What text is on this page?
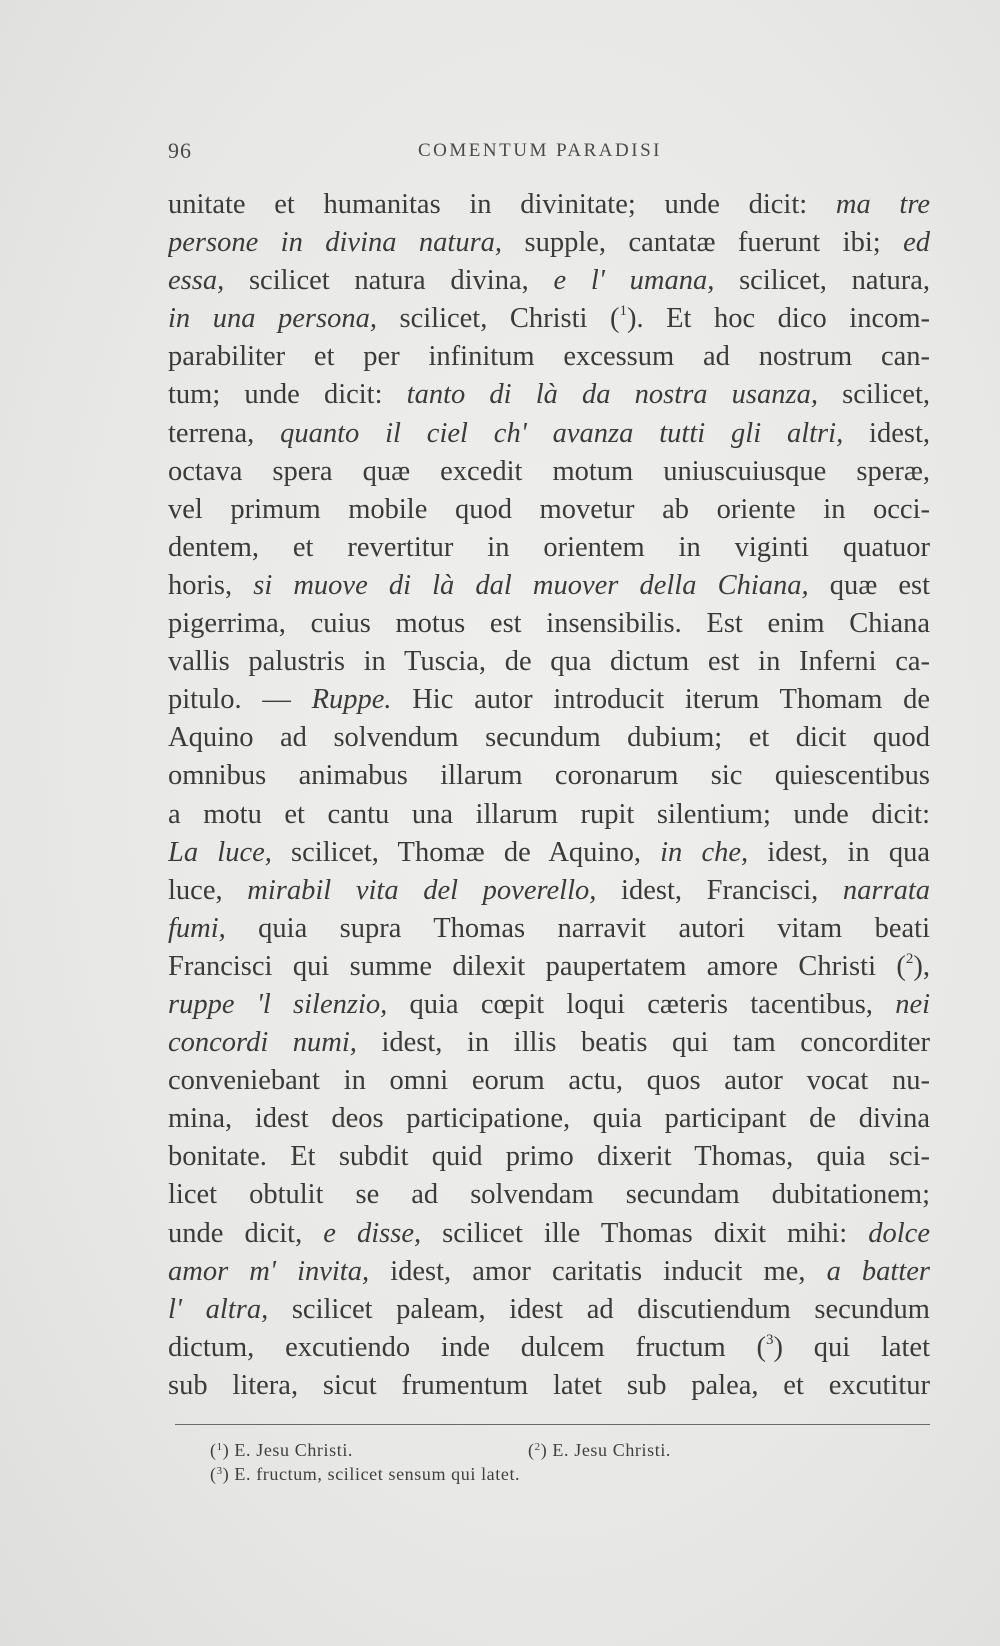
96	COMENTUM PARADISI
unitate et humanitas in divinitate; unde dicit: ma tre
persone in divina natura, supple, cantatæ fuerunt ibi; ed
essa, scilicet natura divina, e l' umana, scilicet, natura,
in una persona, scilicet, Christi ($^1$). Et hoc dico incom-
parabiliter et per infinitum excessum ad nostrum can-
tum; unde dicit: tanto di là da nostra usanza, scilicet,
terrena, quanto il ciel ch' avanza tutti gli altri, idest,
octava spera quæ excedit motum uniuscuiusque speræ,
vel primum mobile quod movetur ab oriente in occi-
dentem, et revertitur in orientem in viginti quatuor
horis, si muove di là dal muover della Chiana, quæ est
pigerrima, cuius motus est insensibilis. Est enim Chiana
vallis palustris in Tuscia, de qua dictum est in Inferni ca-
pitulo. — Ruppe. Hic autor introducit iterum Thomam de
Aquino ad solvendum secundum dubium; et dicit quod
omnibus animabus illarum coronarum sic quiescentibus
a motu et cantu una illarum rupit silentium; unde dicit:
La luce, scilicet, Thomæ de Aquino, in che, idest, in qua
luce, mirabil vita del poverello, idest, Francisci, narrata
fumi, quia supra Thomas narravit autori vitam beati
Francisci qui summe dilexit paupertatem amore Christi ($^2$),
ruppe 'l silenzio, quia cœpit loqui cæteris tacentibus, nei
concordi numi, idest, in illis beatis qui tam concorditer
conveniebant in omni eorum actu, quos autor vocat nu-
mina, idest deos participatione, quia participant de divina
bonitate. Et subdit quid primo dixerit Thomas, quia sci-
licet obtulit se ad solvendam secundam dubitationem;
unde dicit, e disse, scilicet ille Thomas dixit mihi: dolce
amor m' invita, idest, amor caritatis inducit me, a batter
l' altra, scilicet paleam, idest ad discutiendum secundum
dictum, excutiendo inde dulcem fructum ($^3$) qui latet
sub litera, sicut frumentum latet sub palea, et excutitur
($^1$) E. Jesu Christi.	($^2$) E. Jesu Christi.
($^3$) E. fructum, scilicet sensum qui latet.
